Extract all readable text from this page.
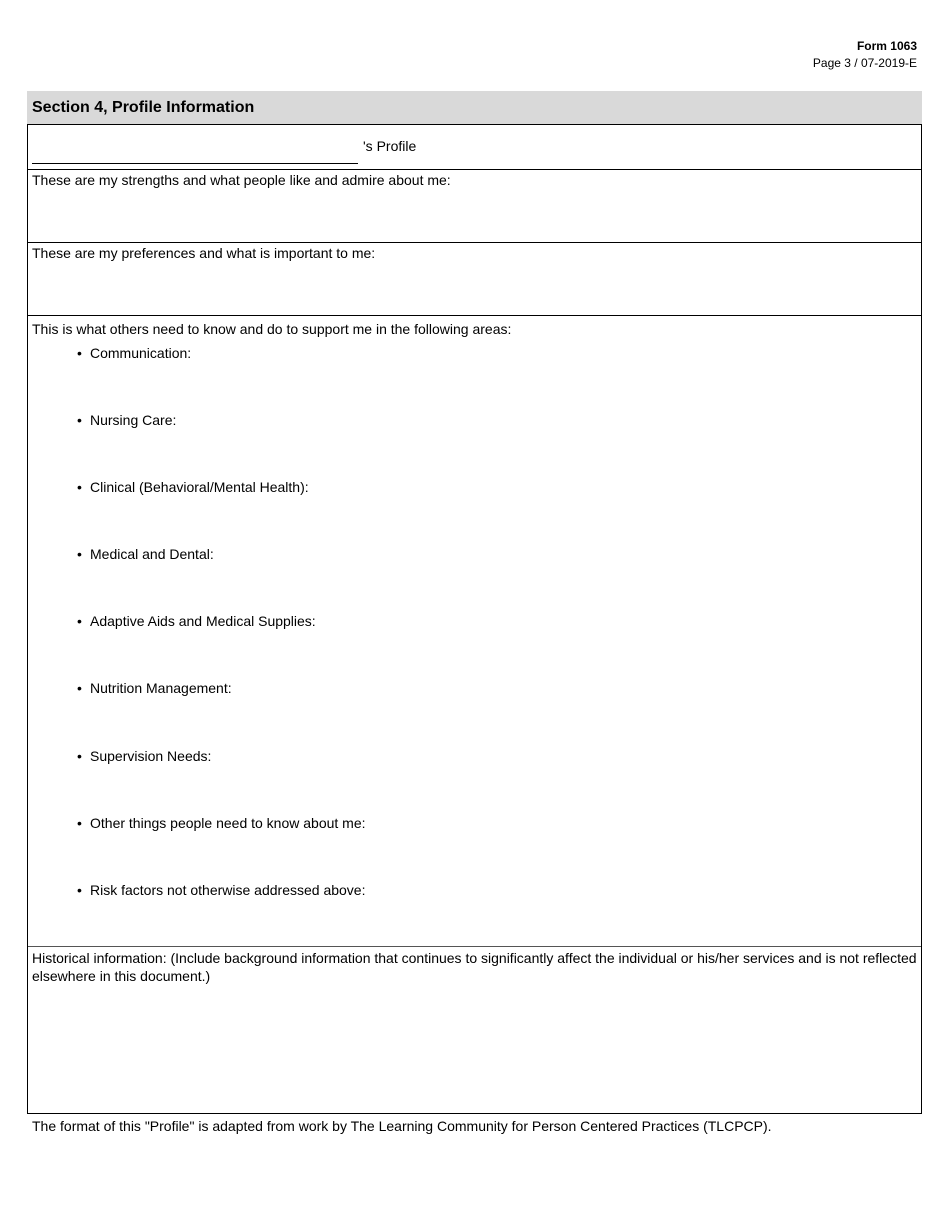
Form 1063
Page 3 / 07-2019-E
Section 4, Profile Information
's Profile
These are my strengths and what people like and admire about me:
These are my preferences and what is important to me:
This is what others need to know and do to support me in the following areas:
• Communication:
• Nursing Care:
• Clinical (Behavioral/Mental Health):
• Medical and Dental:
• Adaptive Aids and Medical Supplies:
• Nutrition Management:
• Supervision Needs:
• Other things people need to know about me:
• Risk factors not otherwise addressed above:
Historical information: (Include background information that continues to significantly affect the individual or his/her services and is not reflected elsewhere in this document.)
The format of this "Profile" is adapted from work by The Learning Community for Person Centered Practices (TLCPCP).
